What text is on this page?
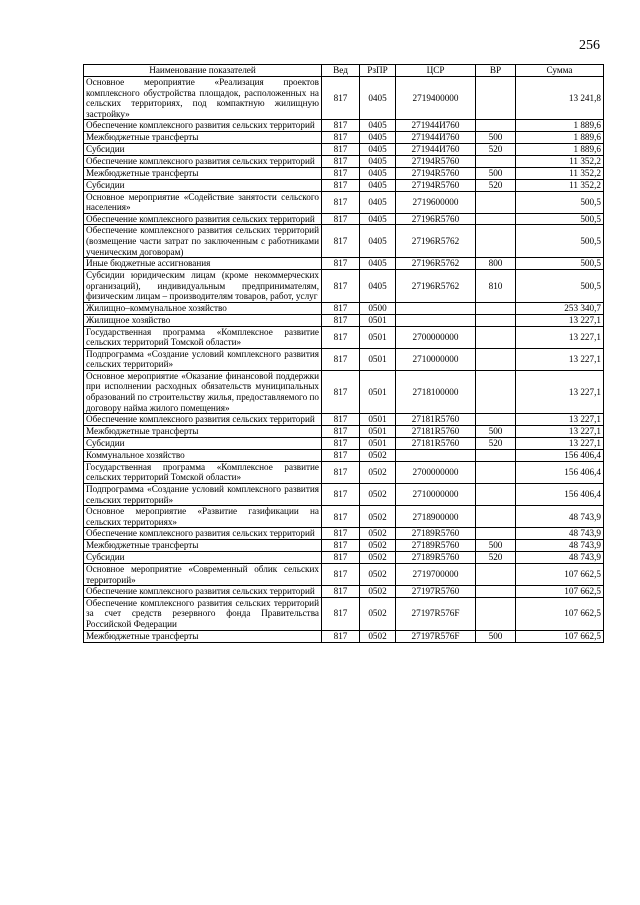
256
Наименование показателей	Вед	РзПР	ЦСР	ВР	Сумма
Основное мероприятие «Реализация проектов комплексного обустройства площадок, расположенных на сельских территориях, под компактную жилищную застройку»	817	0405	2719400000		13 241,8
Обеспечение комплексного развития сельских территорий	817	0405	271944И760		1 889,6
Межбюджетные трансферты	817	0405	271944И760	500	1 889,6
Субсидии	817	0405	271944И760	520	1 889,6
Обеспечение комплексного развития сельских территорий	817	0405	27194R5760		11 352,2
Межбюджетные трансферты	817	0405	27194R5760	500	11 352,2
Субсидии	817	0405	27194R5760	520	11 352,2
Основное мероприятие «Содействие занятости сельского населения»	817	0405	2719600000		500,5
Обеспечение комплексного развития сельских территорий	817	0405	27196R5760		500,5
Обеспечение комплексного развития сельских территорий (возмещение части затрат по заключенным с работниками ученическим договорам)	817	0405	27196R5762		500,5
Иные бюджетные ассигнования	817	0405	27196R5762	800	500,5
Субсидии юридическим лицам (кроме некоммерческих организаций), индивидуальным предпринимателям, физическим лицам – производителям товаров, работ, услуг	817	0405	27196R5762	810	500,5
Жилищно–коммунальное хозяйство	817	0500			253 340,7
Жилищное хозяйство	817	0501			13 227,1
Государственная программа «Комплексное развитие сельских территорий Томской области»	817	0501	2700000000		13 227,1
Подпрограмма «Создание условий комплексного развития сельских территорий»	817	0501	2710000000		13 227,1
Основное мероприятие «Оказание финансовой поддержки при исполнении расходных обязательств муниципальных образований по строительству жилья, предоставляемого по договору найма жилого помещения»	817	0501	2718100000		13 227,1
Обеспечение комплексного развития сельских территорий	817	0501	27181R5760		13 227,1
Межбюджетные трансферты	817	0501	27181R5760	500	13 227,1
Субсидии	817	0501	27181R5760	520	13 227,1
Коммунальное хозяйство	817	0502			156 406,4
Государственная программа «Комплексное развитие сельских территорий Томской области»	817	0502	2700000000		156 406,4
Подпрограмма «Создание условий комплексного развития сельских территорий»	817	0502	2710000000		156 406,4
Основное мероприятие «Развитие газификации на сельских территориях»	817	0502	2718900000		48 743,9
Обеспечение комплексного развития сельских территорий	817	0502	27189R5760		48 743,9
Межбюджетные трансферты	817	0502	27189R5760	500	48 743,9
Субсидии	817	0502	27189R5760	520	48 743,9
Основное мероприятие «Современный облик сельских территорий»	817	0502	2719700000		107 662,5
Обеспечение комплексного развития сельских территорий	817	0502	27197R5760		107 662,5
Обеспечение комплексного развития сельских территорий за счет средств резервного фонда Правительства Российской Федерации	817	0502	27197R576F		107 662,5
Межбюджетные трансферты	817	0502	27197R576F	500	107 662,5
